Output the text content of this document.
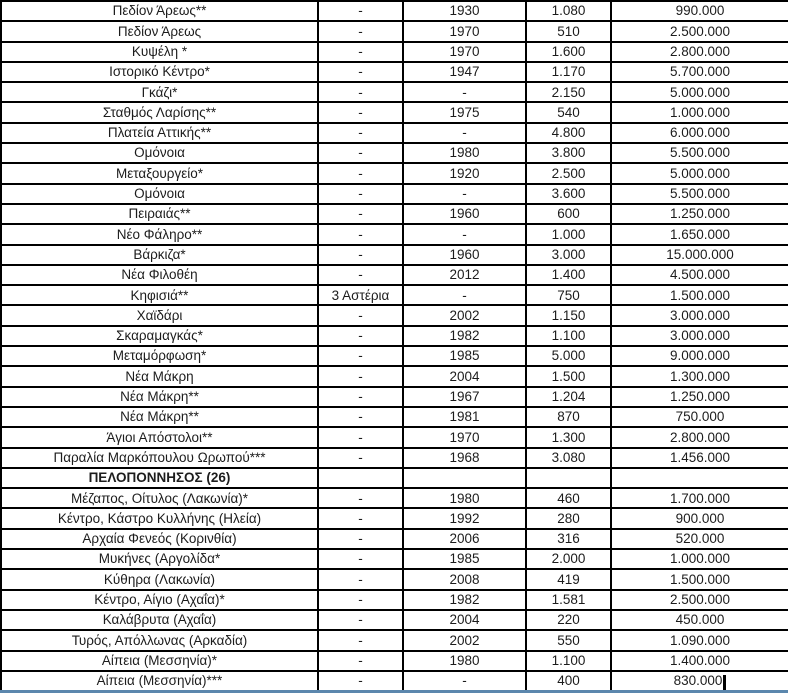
Πεδίον Άρεως**	-	1930	1.080	990.000
Πεδίον Άρεως	-	1970	510	2.500.000
Κυψέλη *	-	1970	1.600	2.800.000
Ιστορικό Κέντρο*	-	1947	1.170	5.700.000
Γκάζι*	-	-	2.150	5.000.000
Σταθμός Λαρίσης**	-	1975	540	1.000.000
Πλατεία Αττικής**	-	-	4.800	6.000.000
Ομόνοια	-	1980	3.800	5.500.000
Μεταξουργείο*	-	1920	2.500	5.000.000
Ομόνοια	-	-	3.600	5.500.000
Πειραιάς**	-	1960	600	1.250.000
Νέο Φάληρο**	-	-	1.000	1.650.000
Βάρκιζα*	-	1960	3.000	15.000.000
Νέα Φιλοθέη	-	2012	1.400	4.500.000
Κηφισιά**	3 Αστέρια	-	750	1.500.000
Χαϊδάρι	-	2002	1.150	3.000.000
Σκαραμαγκάς*	-	1982	1.100	3.000.000
Μεταμόρφωση*	-	1985	5.000	9.000.000
Νέα Μάκρη	-	2004	1.500	1.300.000
Νέα Μάκρη**	-	1967	1.204	1.250.000
Νέα Μάκρη**	-	1981	870	750.000
Άγιοι Απόστολοι**	-	1970	1.300	2.800.000
Παραλία Μαρκόπουλου Ωρωπού***	-	1968	3.080	1.456.000
ΠΕΛΟΠΟΝΝΗΣΟΣ (26)				
Μέζαπος, Οίτυλος (Λακωνία)*	-	1980	460	1.700.000
Κέντρο, Κάστρο Κυλλήνης (Ηλεία)	-	1992	280	900.000
Αρχαία Φενεός (Κορινθία)	-	2006	316	520.000
Μυκήνες (Αργολίδα*	-	1985	2.000	1.000.000
Κύθηρα (Λακωνία)	-	2008	419	1.500.000
Κέντρο, Αίγιο (Αχαΐα)*	-	1982	1.581	2.500.000
Καλάβρυτα (Αχαΐα)	-	2004	220	450.000
Τυρός, Απόλλωνας (Αρκαδία)	-	2002	550	1.090.000
Αίπεια (Μεσσηνία)*	-	1980	1.100	1.400.000
Αίπεια (Μεσσηνία)***	-	-	400	830.000
